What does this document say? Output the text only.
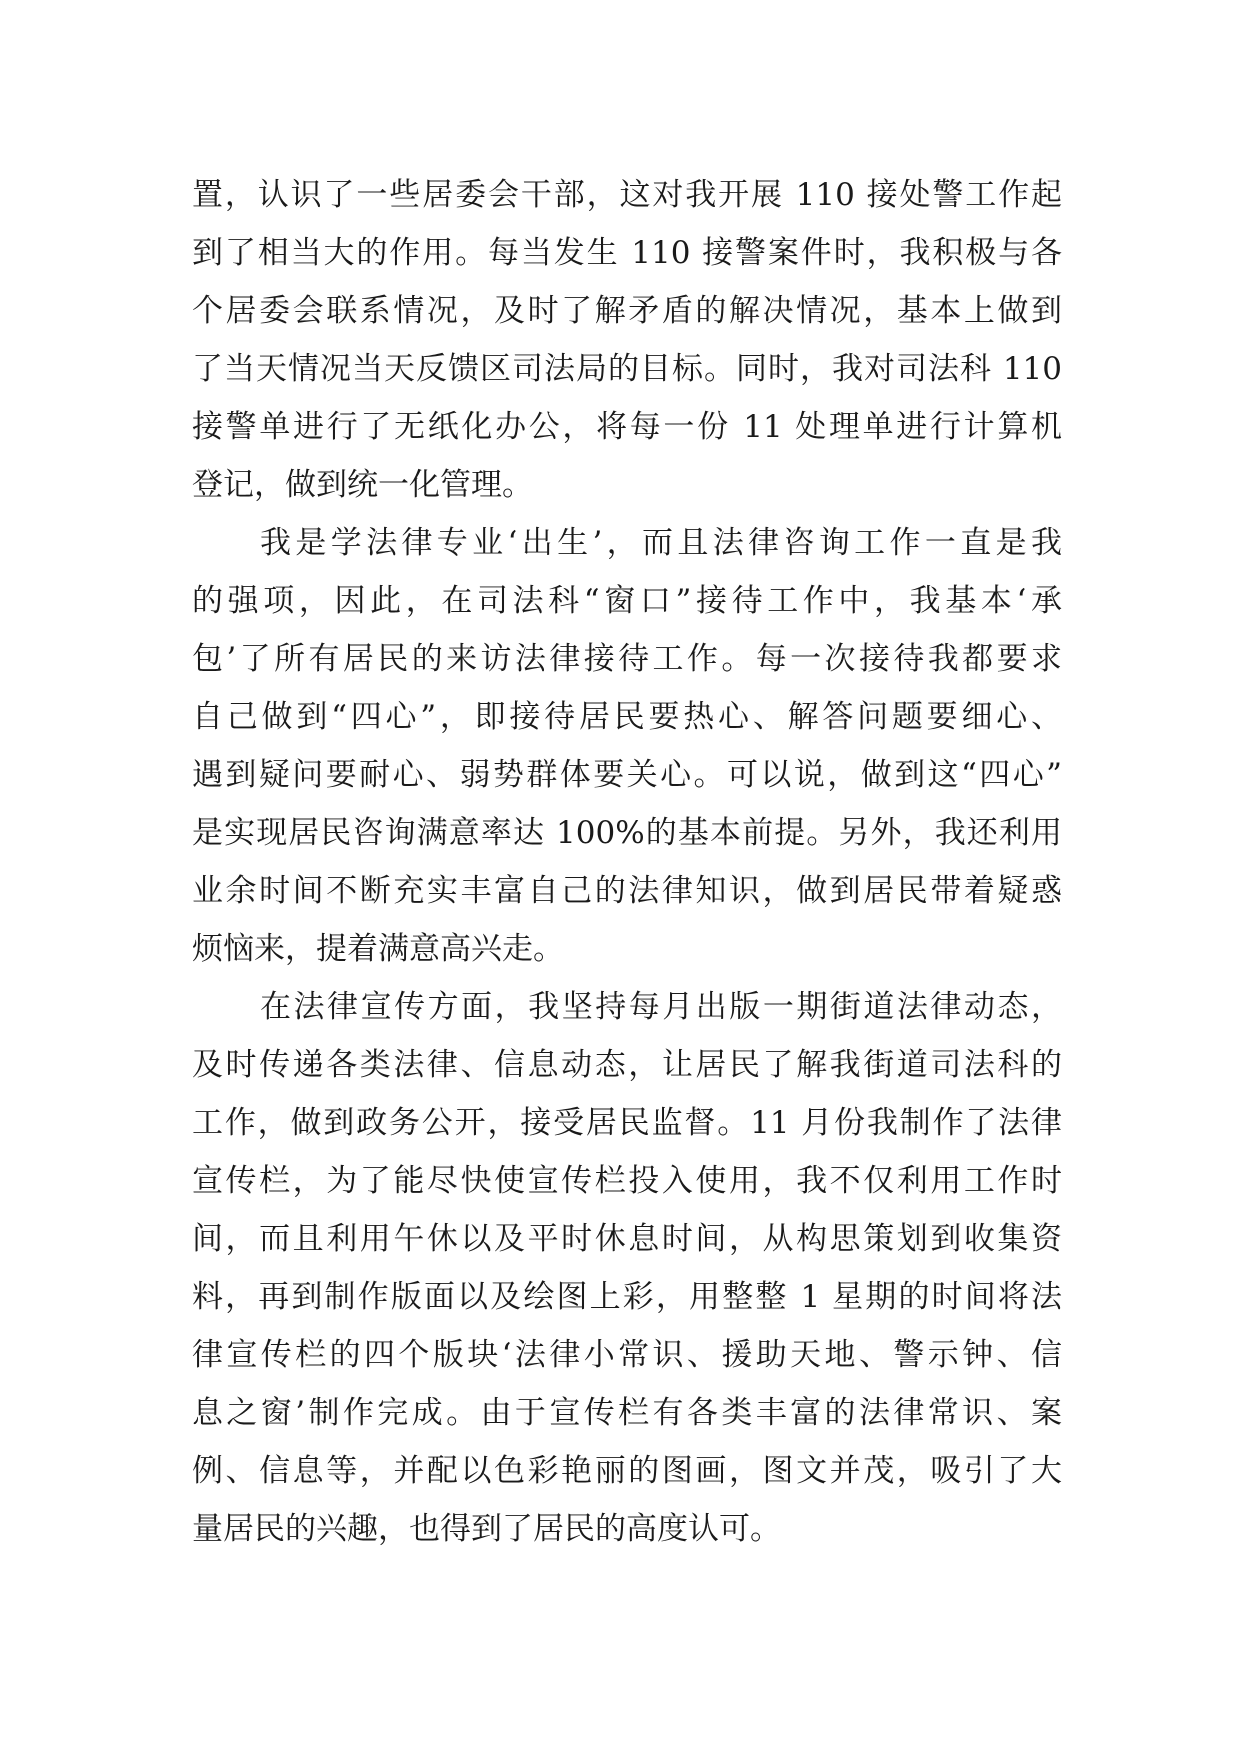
置，认识了一些居委会干部，这对我开展 110 接处警工作起
到了相当大的作用。每当发生 110 接警案件时，我积极与各
个居委会联系情况，及时了解矛盾的解决情况，基本上做到
了当天情况当天反馈区司法局的目标。同时，我对司法科 110
接警单进行了无纸化办公，将每一份 11 处理单进行计算机
登记，做到统一化管理。
我是学法律专业‘出生’，而且法律咨询工作一直是我
的强项，因此，在司法科“窗口”接待工作中，我基本‘承
包’了所有居民的来访法律接待工作。每一次接待我都要求
自己做到“四心”，即接待居民要热心、解答问题要细心、
遇到疑问要耐心、弱势群体要关心。可以说，做到这“四心”
是实现居民咨询满意率达 100%的基本前提。另外，我还利用
业余时间不断充实丰富自己的法律知识，做到居民带着疑惑
烦恼来，提着满意高兴走。
在法律宣传方面，我坚持每月出版一期街道法律动态，
及时传递各类法律、信息动态，让居民了解我街道司法科的
工作，做到政务公开，接受居民监督。11 月份我制作了法律
宣传栏，为了能尽快使宣传栏投入使用，我不仅利用工作时
间，而且利用午休以及平时休息时间，从构思策划到收集资
料，再到制作版面以及绘图上彩，用整整 1 星期的时间将法
律宣传栏的四个版块‘法律小常识、援助天地、警示钟、信
息之窗’制作完成。由于宣传栏有各类丰富的法律常识、案
例、信息等，并配以色彩艳丽的图画，图文并茂，吸引了大
量居民的兴趣，也得到了居民的高度认可。
